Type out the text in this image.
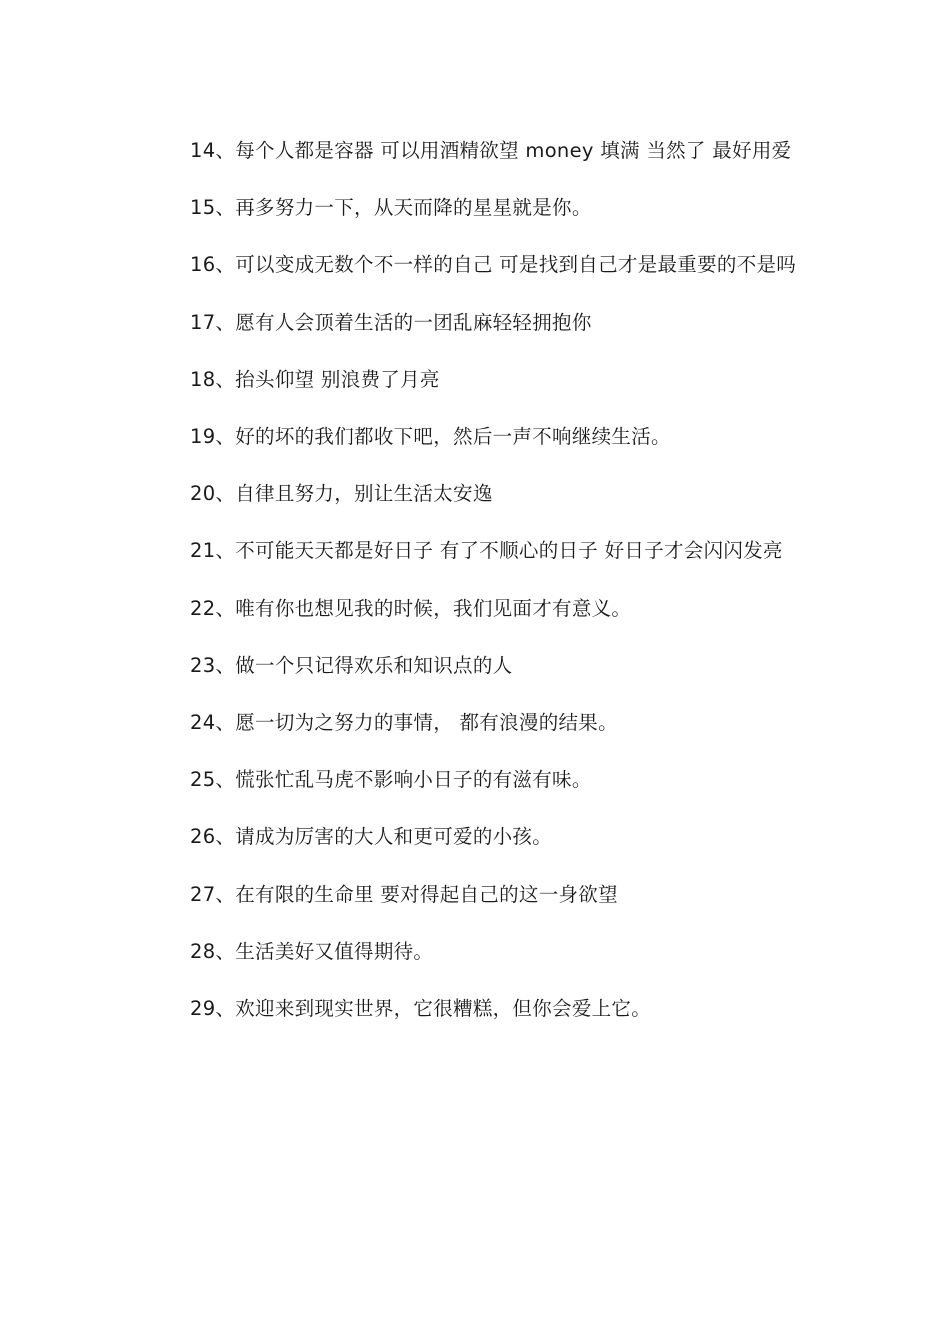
14、每个人都是容器 可以用酒精欲望 money 填满 当然了 最好用爱

15、再多努力一下，从天而降的星星就是你。

16、可以变成无数个不一样的自己 可是找到自己才是最重要的不是吗

17、愿有人会顶着生活的一团乱麻轻轻拥抱你

18、抬头仰望 别浪费了月亮

19、好的坏的我们都收下吧，然后一声不响继续生活。

20、自律且努力，别让生活太安逸

21、不可能天天都是好日子 有了不顺心的日子 好日子才会闪闪发亮

22、唯有你也想见我的时候，我们见面才有意义。

23、做一个只记得欢乐和知识点的人

24、愿一切为之努力的事情， 都有浪漫的结果。

25、慌张忙乱马虎不影响小日子的有滋有味。

26、请成为厉害的大人和更可爱的小孩。

27、在有限的生命里 要对得起自己的这一身欲望

28、生活美好又值得期待。

29、欢迎来到现实世界，它很糟糕，但你会爱上它。
